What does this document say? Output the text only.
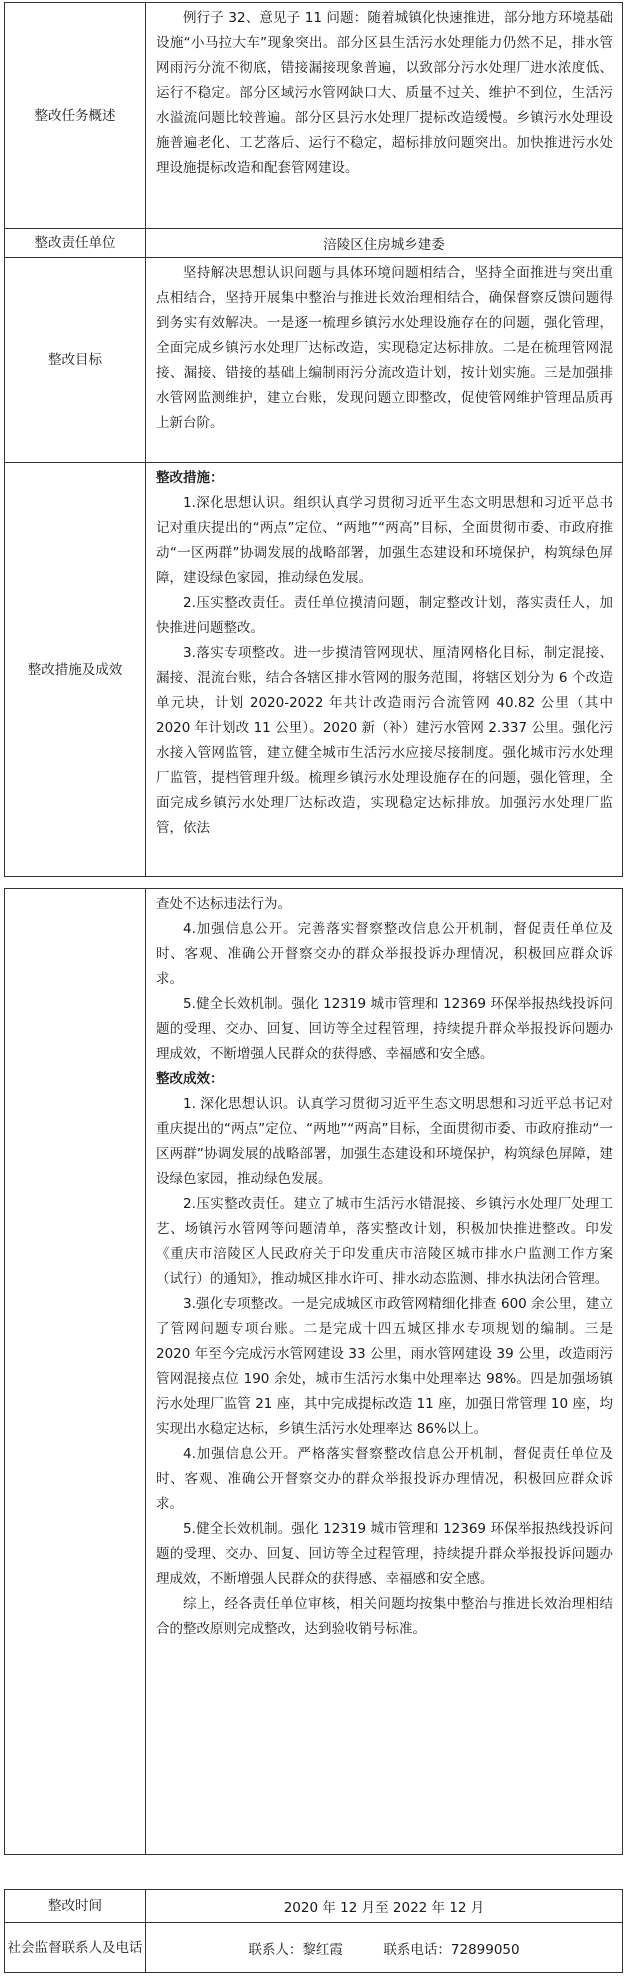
整改任务概述	例行子 32、意见子 11 问题：随着城镇化快速推进，部分地方环境基础设施“小马拉大车”现象突出。部分区县生活污水处理能力仍然不足，排水管网雨污分流不彻底，错接漏接现象普遍，以致部分污水处理厂进水浓度低、运行不稳定。部分区域污水管网缺口大、质量不过关、维护不到位，生活污水溢流问题比较普遍。部分区县污水处理厂提标改造缓慢。乡镇污水处理设施普遍老化、工艺落后、运行不稳定，超标排放问题突出。加快推进污水处理设施提标改造和配套管网建设。

整改责任单位	涪陵区住房城乡建委
整改目标	坚持解决思想认识问题与具体环境问题相结合，坚持全面推进与突出重点相结合，坚持开展集中整治与推进长效治理相结合，确保督察反馈问题得到务实有效解决。一是逐一梳理乡镇污水处理设施存在的问题，强化管理，全面完成乡镇污水处理厂达标改造，实现稳定达标排放。二是在梳理管网混接、漏接、错接的基础上编制雨污分流改造计划，按计划实施。三是加强排水管网监测维护，建立台账，发现问题立即整改，促使管网维护管理品质再上新台阶。

整改措施及成效	整改措施：

1.深化思想认识。组织认真学习贯彻习近平生态文明思想和习近平总书记对重庆提出的“两点”定位、“两地”“两高”目标，全面贯彻市委、市政府推动“一区两群”协调发展的战略部署，加强生态建设和环境保护，构筑绿色屏障，建设绿色家园，推动绿色发展。

2.压实整改责任。责任单位摸清问题，制定整改计划，落实责任人，加快推进问题整改。

3.落实专项整改。进一步摸清管网现状、厘清网格化目标，制定混接、漏接、混流台账，结合各辖区排水管网的服务范围，将辖区划分为 6 个改造单元块，计划 2020-2022 年共计改造雨污合流管网 40.82 公里（其中 2020 年计划改 11 公里）。2020 新（补）建污水管网 2.337 公里。强化污水接入管网监管，建立健全城市生活污水应接尽接制度。强化城市污水处理厂监管，提档管理升级。梳理乡镇污水处理设施存在的问题，强化管理，全面完成乡镇污水处理厂达标改造，实现稳定达标排放。加强污水处理厂监管，依法

查处不达标违法行为。

4.加强信息公开。完善落实督察整改信息公开机制，督促责任单位及时、客观、准确公开督察交办的群众举报投诉办理情况，积极回应群众诉求。

5.健全长效机制。强化 12319 城市管理和 12369 环保举报热线投诉问题的受理、交办、回复、回访等全过程管理，持续提升群众举报投诉问题办理成效，不断增强人民群众的获得感、幸福感和安全感。

整改成效：

1. 深化思想认识。认真学习贯彻习近平生态文明思想和习近平总书记对重庆提出的“两点”定位、“两地”“两高”目标，全面贯彻市委、市政府推动“一区两群”协调发展的战略部署，加强生态建设和环境保护，构筑绿色屏障，建设绿色家园，推动绿色发展。

2.压实整改责任。建立了城市生活污水错混接、乡镇污水处理厂处理工艺、场镇污水管网等问题清单，落实整改计划，积极加快推进整改。印发《重庆市涪陵区人民政府关于印发重庆市涪陵区城市排水户监测工作方案（试行）的通知》，推动城区排水许可、排水动态监测、排水执法闭合管理。

3.强化专项整改。一是完成城区市政管网精细化排查 600 余公里，建立了管网问题专项台账。二是完成十四五城区排水专项规划的编制。三是 2020 年至今完成污水管网建设 33 公里，雨水管网建设 39 公里，改造雨污管网混接点位 190 余处，城市生活污水集中处理率达 98%。四是加强场镇污水处理厂监管 21 座，其中完成提标改造 11 座，加强日常管理 10 座，均实现出水稳定达标，乡镇生活污水处理率达 86%以上。

4.加强信息公开。严格落实督察整改信息公开机制，督促责任单位及时、客观、准确公开督察交办的群众举报投诉办理情况，积极回应群众诉求。

5.健全长效机制。强化 12319 城市管理和 12369 环保举报热线投诉问题的受理、交办、回复、回访等全过程管理，持续提升群众举报投诉问题办理成效，不断增强人民群众的获得感、幸福感和安全感。

综上，经各责任单位审核，相关问题均按集中整治与推进长效治理相结合的整改原则完成整改，达到验收销号标准。

整改时间	2020 年 12 月至 2022 年 12 月
社会监督联系人及电话	联系人：黎红霞　　　联系电话：72899050
